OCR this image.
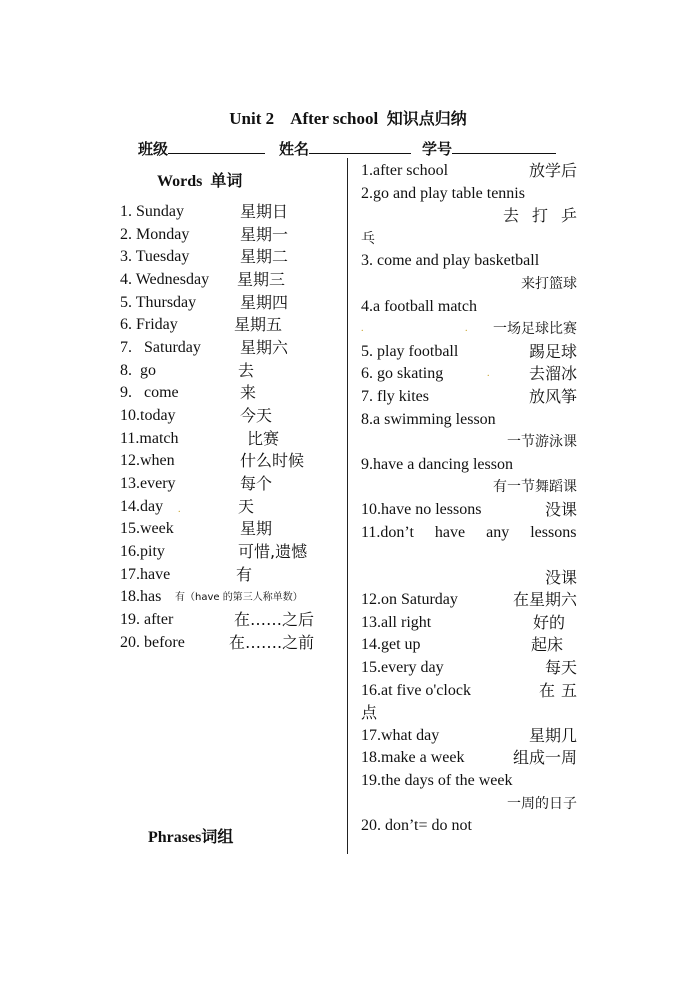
Unit 2    After school 知识点归纳
班级	姓名	学号
Words 单词
1. Sunday	星期日
2. Monday	星期一
3. Tuesday	星期二
4. Wednesday 星期三
5. Thursday	星期四
6. Friday	星期五
7.   Saturday 星期六
8.  go	去
9.   come	来
10.today	今天
11.match	比赛
12.when	什么时候
13.every	每个
14.day .	天
15.week	星期
16.pity	可惜,遗憾
17.have	有
18.has 有（have 的第三人称单数）
19. after	在……之后
20. before	在…….之前
Phrases词组
1.after school	放学后
2.go and play table tennis
去打乒
乓
3. come and play basketball
来打篮球
4.a football match
.	. 一场足球比赛
5. play football	踢足球
6. go skating	. 去溜冰
7. fly kites	放风筝
8.a swimming lesson
一节游泳课
9.have a dancing lesson
有一节舞蹈课
10.have no lessons	没课
11.don’t have any lessons
没课
12.on Saturday	在星期六
13.all right	好的
14.get up	起床
15.every day	每天
16.at five o'clock	在五
点
17.what day	星期几
18.make a week	组成一周
19.the days of the week
一周的日子
20. don’t= do not
